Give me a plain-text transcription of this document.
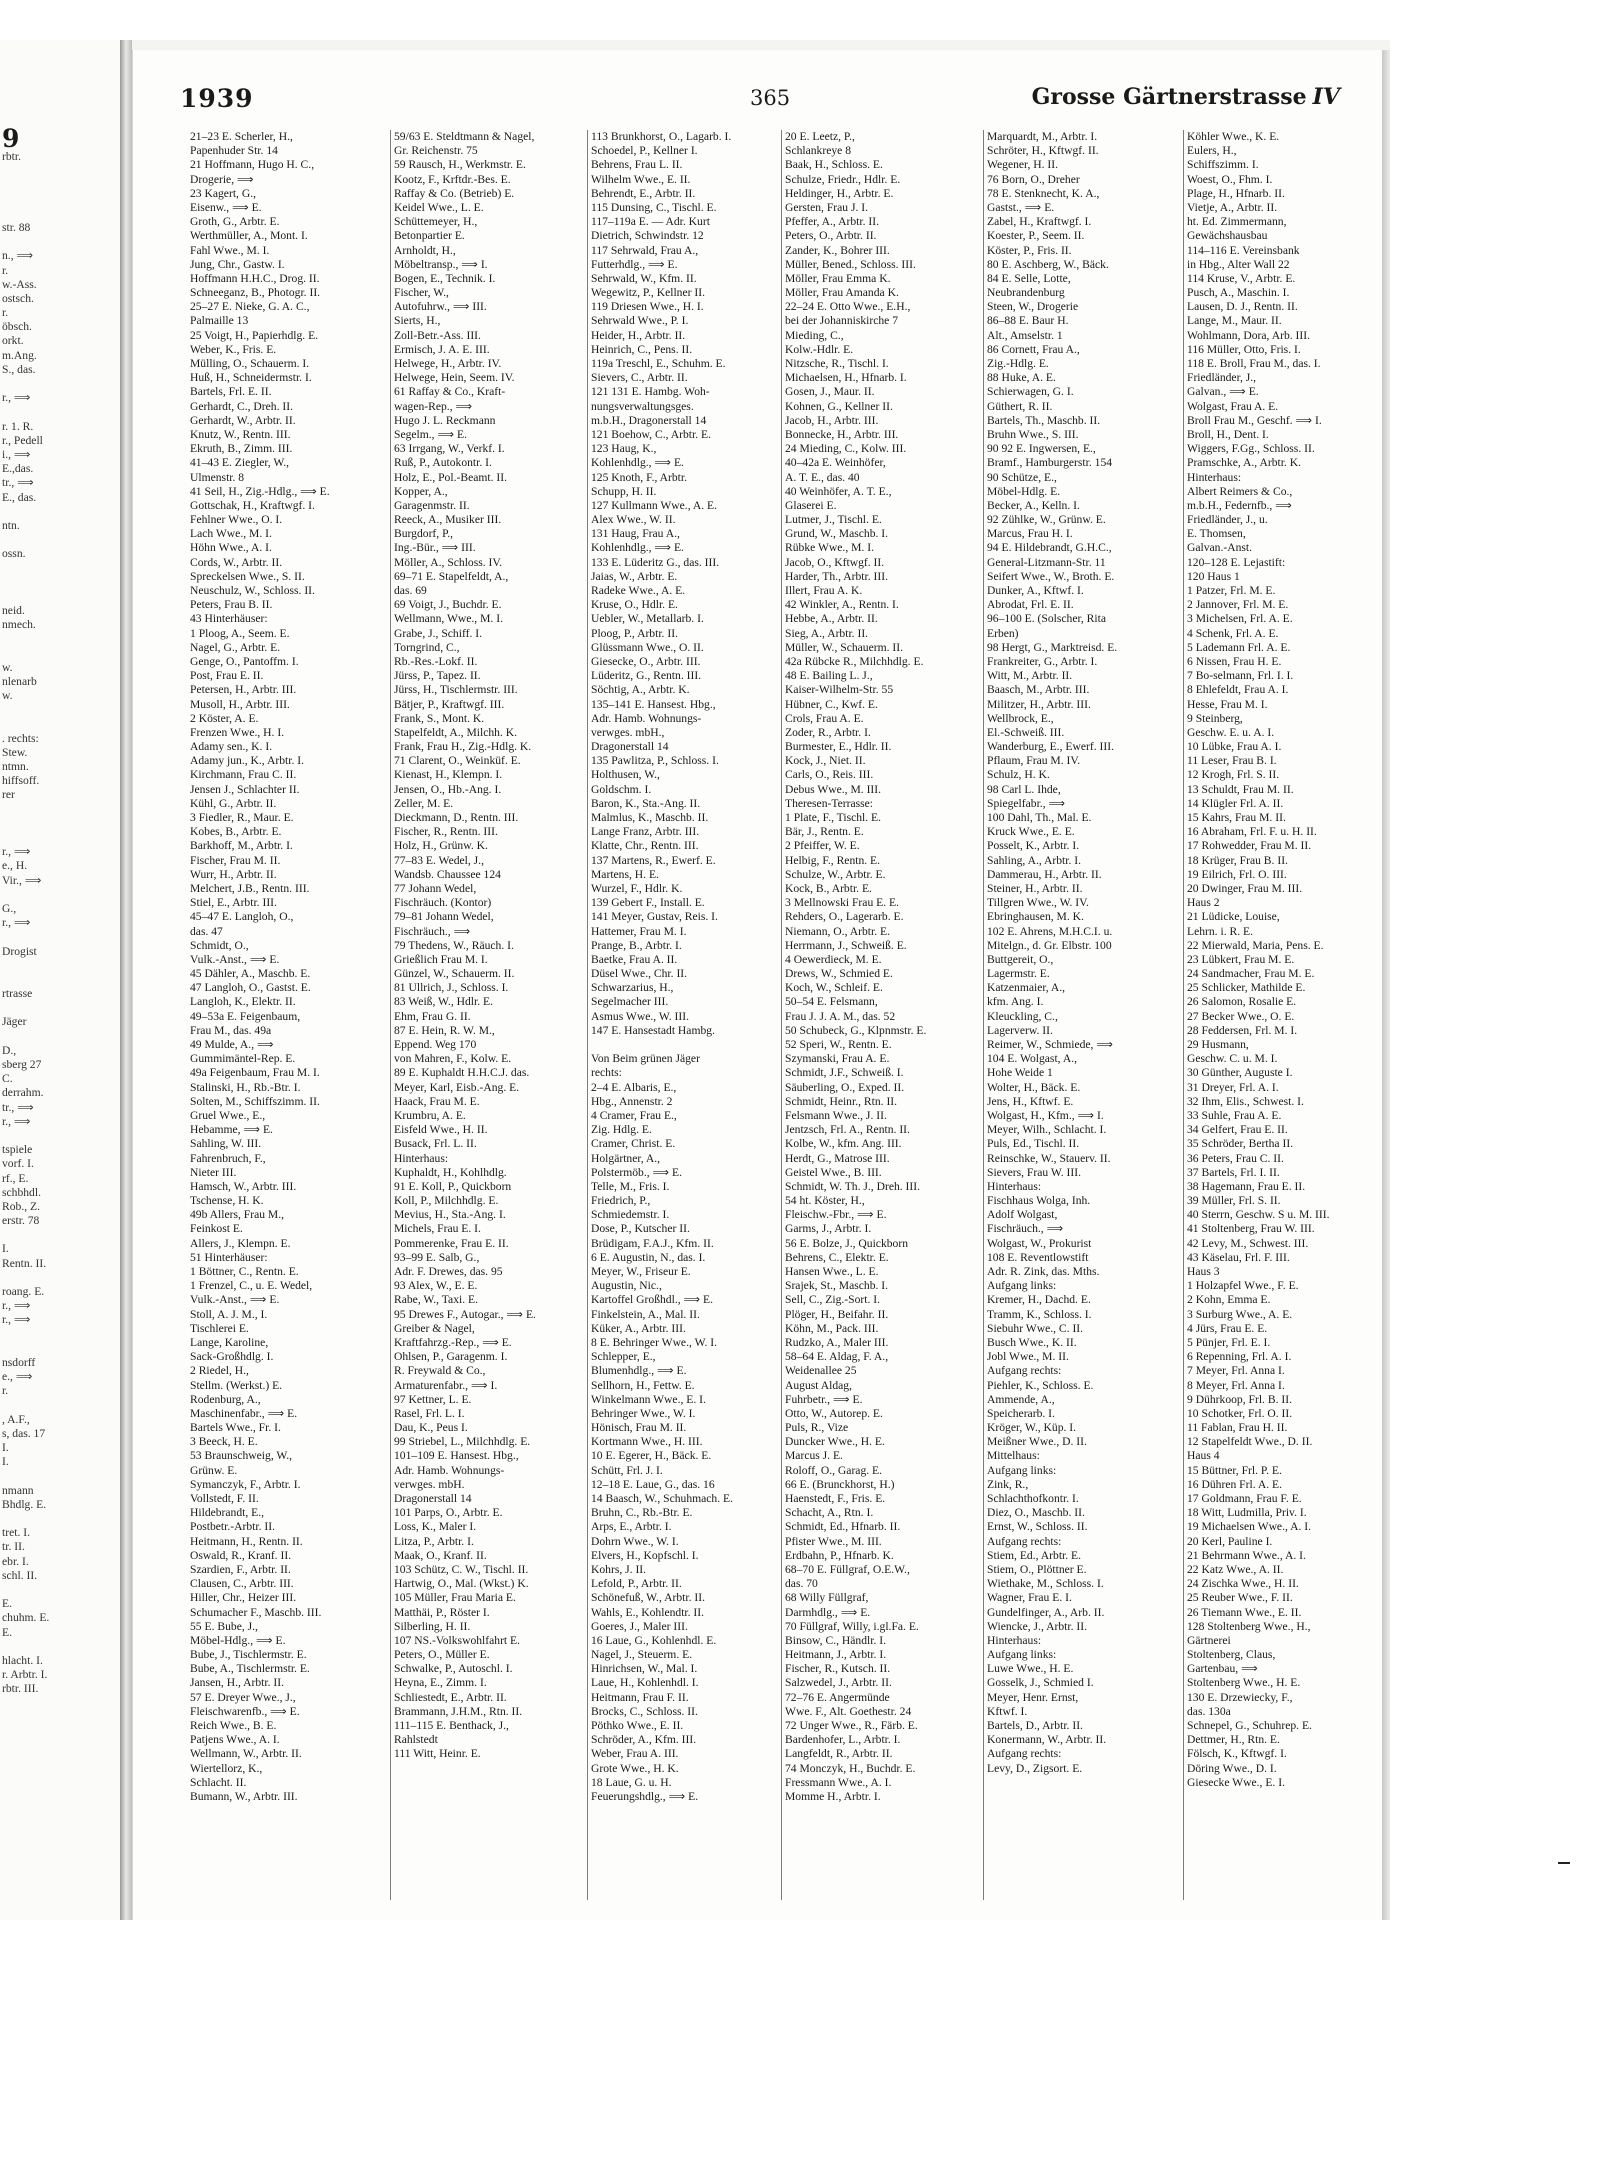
9
rbtr.
str. 88
n., ⟹
r.
w.-Ass.
ostsch.
r.
öbsch.
orkt.
m.Ang.
S., das.
r., ⟹
r. 1. R.
r., Pedell
i., ⟹
E.,das.
tr., ⟹
E., das.
ntn.
ossn.
neid.
nmech.
w.
nlenarb
w.
. rechts:
Stew.
ntmn.
hiffsoff.
rer
r., ⟹
e., H.
Vir., ⟹
G.,
r., ⟹
Drogist
rtrasse
Jäger
D.,
sberg 27
C.
derrahm.
tr., ⟹
r., ⟹
tspiele
vorf. I.
rf., E.
schbhdl.
Rob., Z.
erstr. 78
I.
Rentn. II.
roang. E.
r., ⟹
r., ⟹
nsdorff
e., ⟹
r.
, A.F.,
s, das. 17
I.
I.
nmann
Bhdlg. E.
tret. I.
tr. II.
ebr. I.
schl. II.
E.
chuhm. E.
E.
hlacht. I.
r. Arbtr. I.
rbtr. III.
1939	365	Grosse Gärtnerstrasse IV
21–23 E. Scherler, H.,
Papenhuder Str. 14
21 Hoffmann, Hugo H. C.,
Drogerie, ⟹
23 Kagert, G.,
Eisenw., ⟹ E.
Groth, G., Arbtr. E.
Werthmüller, A., Mont. I.
Fahl Wwe., M. I.
Jung, Chr., Gastw. I.
Hoffmann H.H.C., Drog. II.
Schneeganz, B., Photogr. II.
25–27 E. Nieke, G. A. C.,
Palmaille 13
25 Voigt, H., Papierhdlg. E.
Weber, K., Fris. E.
Mülling, O., Schauerm. I.
Huß, H., Schneidermstr. I.
Bartels, Frl. E. II.
Gerhardt, C., Dreh. II.
Gerhardt, W., Arbtr. II.
Knutz, W., Rentn. III.
Ekruth, B., Zimm. III.
41–43 E. Ziegler, W.,
Ulmenstr. 8
41 Seil, H., Zig.-Hdlg., ⟹ E.
Gottschak, H., Kraftwgf. I.
Fehlner Wwe., O. I.
Lach Wwe., M. I.
Höhn Wwe., A. I.
Cords, W., Arbtr. II.
Spreckelsen Wwe., S. II.
Neuschulz, W., Schloss. II.
Peters, Frau B. II.
43 Hinterhäuser:
1 Ploog, A., Seem. E.
Nagel, G., Arbtr. E.
Genge, O., Pantoffm. I.
Post, Frau E. II.
Petersen, H., Arbtr. III.
Musoll, H., Arbtr. III.
2 Köster, A. E.
Frenzen Wwe., H. I.
Adamy sen., K. I.
Adamy jun., K., Arbtr. I.
Kirchmann, Frau C. II.
Jensen J., Schlachter II.
Kühl, G., Arbtr. II.
3 Fiedler, R., Maur. E.
Kobes, B., Arbtr. E.
Barkhoff, M., Arbtr. I.
Fischer, Frau M. II.
Wurr, H., Arbtr. II.
Melchert, J.B., Rentn. III.
Stiel, E., Arbtr. III.
45–47 E. Langloh, O.,
das. 47
Schmidt, O.,
Vulk.-Anst., ⟹ E.
45 Dähler, A., Maschb. E.
47 Langloh, O., Gastst. E.
Langloh, K., Elektr. II.
49–53a E. Feigenbaum,
Frau M., das. 49a
49 Mulde, A., ⟹
Gummimäntel-Rep. E.
49a Feigenbaum, Frau M. I.
Stalinski, H., Rb.-Btr. I.
Solten, M., Schiffszimm. II.
Gruel Wwe., E.,
Hebamme, ⟹ E.
Sahling, W. III.
Fahrenbruch, F.,
Nieter III.
Hamsch, W., Arbtr. III.
Tschense, H. K.
49b Allers, Frau M.,
Feinkost E.
Allers, J., Klempn. E.
51 Hinterhäuser:
1 Böttner, C., Rentn. E.
1 Frenzel, C., u. E. Wedel,
Vulk.-Anst., ⟹ E.
Stoll, A. J. M., I.
Tischlerei E.
Lange, Karoline,
Sack-Großhdlg. I.
2 Riedel, H.,
Stellm. (Werkst.) E.
Rodenburg, A.,
Maschinenfabr., ⟹ E.
Bartels Wwe., Fr. I.
3 Beeck, H. E.
53 Braunschweig, W.,
Grünw. E.
Symanczyk, F., Arbtr. I.
Vollstedt, F. II.
Hildebrandt, E.,
Postbetr.-Arbtr. II.
Heitmann, H., Rentn. II.
Oswald, R., Kranf. II.
Szardien, F., Arbtr. II.
Clausen, C., Arbtr. III.
Hiller, Chr., Heizer III.
Schumacher F., Maschb. III.
55 E. Bube, J.,
Möbel-Hdlg., ⟹ E.
Bube, J., Tischlermstr. E.
Bube, A., Tischlermstr. E.
Jansen, H., Arbtr. II.
57 E. Dreyer Wwe., J.,
Fleischwarenfb., ⟹ E.
Reich Wwe., B. E.
Patjens Wwe., A. I.
Wellmann, W., Arbtr. II.
Wiertellorz, K.,
Schlacht. II.
Bumann, W., Arbtr. III.
59/63 E. Steldtmann & Nagel,
Gr. Reichenstr. 75
59 Rausch, H., Werkmstr. E.
Kootz, F., Krftdr.-Bes. E.
Raffay & Co. (Betrieb) E.
Keidel Wwe., L. E.
Schüttemeyer, H.,
Betonpartier E.
Arnholdt, H.,
Möbeltransp., ⟹ I.
Bogen, E., Technik. I.
Fischer, W.,
Autofuhrw., ⟹ III.
Sierts, H.,
Zoll-Betr.-Ass. III.
Ermisch, J. A. E. III.
Helwege, H., Arbtr. IV.
Helwege, Hein, Seem. IV.
61 Raffay & Co., Kraft-
wagen-Rep., ⟹
Hugo J. L. Reckmann
Segelm., ⟹ E.
63 Irrgang, W., Verkf. I.
Ruß, P., Autokontr. I.
Holz, E., Pol.-Beamt. II.
Kopper, A.,
Garagenmstr. II.
Reeck, A., Musiker III.
Burgdorf, P.,
Ing.-Bür., ⟹ III.
Möller, A., Schloss. IV.
69–71 E. Stapelfeldt, A.,
das. 69
69 Voigt, J., Buchdr. E.
Wellmann, Wwe., M. I.
Grabe, J., Schiff. I.
Torngrind, C.,
Rb.-Res.-Lokf. II.
Jürss, P., Tapez. II.
Jürss, H., Tischlermstr. III.
Bätjer, P., Kraftwgf. III.
Frank, S., Mont. K.
Stapelfeldt, A., Milchh. K.
Frank, Frau H., Zig.-Hdlg. K.
71 Clarent, O., Weinküf. E.
Kienast, H., Klempn. I.
Jensen, O., Hb.-Ang. I.
Zeller, M. E.
Dieckmann, D., Rentn. III.
Fischer, R., Rentn. III.
Holz, H., Grünw. K.
77–83 E. Wedel, J.,
Wandsb. Chaussee 124
77 Johann Wedel,
Fischräuch. (Kontor)
79–81 Johann Wedel,
Fischräuch., ⟹
79 Thedens, W., Räuch. I.
Grießlich Frau M. I.
Günzel, W., Schauerm. II.
81 Ullrich, J., Schloss. I.
83 Weiß, W., Hdlr. E.
Ehm, Frau G. II.
87 E. Hein, R. W. M.,
Eppend. Weg 170
von Mahren, F., Kolw. E.
89 E. Kuphaldt H.H.C.J. das.
Meyer, Karl, Eisb.-Ang. E.
Haack, Frau M. E.
Krumbru, A. E.
Eisfeld Wwe., H. II.
Busack, Frl. L. II.
Hinterhaus:
Kuphaldt, H., Kohlhdlg.
91 E. Koll, P., Quickborn
Koll, P., Milchhdlg. E.
Mevius, H., Sta.-Ang. I.
Michels, Frau E. I.
Pommerenke, Frau E. II.
93–99 E. Salb, G.,
Adr. F. Drewes, das. 95
93 Alex, W., E. E.
Rabe, W., Taxi. E.
95 Drewes F., Autogar., ⟹ E.
Greiber & Nagel,
Kraftfahrzg.-Rep., ⟹ E.
Ohlsen, P., Garagenm. I.
R. Freywald & Co.,
Armaturenfabr., ⟹ I.
97 Kettner, L. E.
Rasel, Frl. L. I.
Dau, K., Peus I.
99 Striebel, L., Milchhdlg. E.
101–109 E. Hansest. Hbg.,
Adr. Hamb. Wohnungs-
verwges. mbH.
Dragonerstall 14
101 Parps, O., Arbtr. E.
Loss, K., Maler I.
Litza, P., Arbtr. I.
Maak, O., Kranf. II.
103 Schütz, C. W., Tischl. II.
Hartwig, O., Mal. (Wkst.) K.
105 Müller, Frau Maria E.
Matthäi, P., Röster I.
Silberling, H. II.
107 NS.-Volkswohlfahrt E.
Peters, O., Müller E.
Schwalke, P., Autoschl. I.
Heyna, E., Zimm. I.
Schliestedt, E., Arbtr. II.
Brammann, J.H.M., Rtn. II.
111–115 E. Benthack, J.,
Rahlstedt
111 Witt, Heinr. E.
113 Brunkhorst, O., Lagarb. I.
Schoedel, P., Kellner I.
Behrens, Frau L. II.
Wilhelm Wwe., E. II.
Behrendt, E., Arbtr. II.
115 Dunsing, C., Tischl. E.
117–119a E. — Adr. Kurt
Dietrich, Schwindstr. 12
117 Sehrwald, Frau A.,
Futterhdlg., ⟹ E.
Sehrwald, W., Kfm. II.
Wegewitz, P., Kellner II.
119 Driesen Wwe., H. I.
Sehrwald Wwe., P. I.
Heider, H., Arbtr. II.
Heinrich, C., Pens. II.
119a Treschl, E., Schuhm. E.
Sievers, C., Arbtr. II.
121 131 E. Hambg. Woh-
nungsverwaltungsges.
m.b.H., Dragonerstall 14
121 Boehow, C., Arbtr. E.
123 Haug, K.,
Kohlenhdlg., ⟹ E.
125 Knoth, F., Arbtr.
Schupp, H. II.
127 Kullmann Wwe., A. E.
Alex Wwe., W. II.
131 Haug, Frau A.,
Kohlenhdlg., ⟹ E.
133 E. Lüderitz G., das. III.
Jaias, W., Arbtr. E.
Radeke Wwe., A. E.
Kruse, O., Hdlr. E.
Uebler, W., Metallarb. I.
Ploog, P., Arbtr. II.
Glüssmann Wwe., O. II.
Giesecke, O., Arbtr. III.
Lüderitz, G., Rentn. III.
Söchtig, A., Arbtr. K.
135–141 E. Hansest. Hbg.,
Adr. Hamb. Wohnungs-
verwges. mbH.,
Dragonerstall 14
135 Pawlitza, P., Schloss. I.
Holthusen, W.,
Goldschm. I.
Baron, K., Sta.-Ang. II.
Malmlus, K., Maschb. II.
Lange Franz, Arbtr. III.
Klatte, Chr., Rentn. III.
137 Martens, R., Ewerf. E.
Martens, H. E.
Wurzel, F., Hdlr. K.
139 Gebert F., Install. E.
141 Meyer, Gustav, Reis. I.
Hattemer, Frau M. I.
Prange, B., Arbtr. I.
Baetke, Frau A. II.
Düsel Wwe., Chr. II.
Schwarzarius, H.,
Segelmacher III.
Asmus Wwe., W. III.
147 E. Hansestadt Hambg.
Von Beim grünen Jäger
rechts:
2–4 E. Albaris, E.,
Hbg., Annenstr. 2
4 Cramer, Frau E.,
Zig. Hdlg. E.
Cramer, Christ. E.
Holgärtner, A.,
Polstermöb., ⟹ E.
Telle, M., Fris. I.
Friedrich, P.,
Schmiedemstr. I.
Dose, P., Kutscher II.
Brüdigam, F.A.J., Kfm. II.
6 E. Augustin, N., das. I.
Meyer, W., Friseur E.
Augustin, Nic.,
Kartoffel Großhdl., ⟹ E.
Finkelstein, A., Mal. II.
Küker, A., Arbtr. III.
8 E. Behringer Wwe., W. I.
Schlepper, E.,
Blumenhdlg., ⟹ E.
Sellhorn, H., Fettw. E.
Winkelmann Wwe., E. I.
Behringer Wwe., W. I.
Hönisch, Frau M. II.
Kortmann Wwe., H. III.
10 E. Egerer, H., Bäck. E.
Schütt, Frl. J. I.
12–18 E. Laue, G., das. 16
14 Baasch, W., Schuhmach. E.
Bruhn, C., Rb.-Btr. E.
Arps, E., Arbtr. I.
Dohrn Wwe., W. I.
Elvers, H., Kopfschl. I.
Kohrs, J. II.
Lefold, P., Arbtr. II.
Schönefuß, W., Arbtr. II.
Wahls, E., Kohlendtr. II.
Goeres, J., Maler III.
16 Laue, G., Kohlenhdl. E.
Nagel, J., Steuerm. E.
Hinrichsen, W., Mal. I.
Laue, H., Kohlenhdl. I.
Heitmann, Frau F. II.
Brocks, C., Schloss. II.
Pöthko Wwe., E. II.
Schröder, A., Kfm. III.
Weber, Frau A. III.
Grote Wwe., H. K.
18 Laue, G. u. H.
Feuerungshdlg., ⟹ E.
20 E. Leetz, P.,
Schlankreye 8
Baak, H., Schloss. E.
Schulze, Friedr., Hdlr. E.
Heldinger, H., Arbtr. E.
Gersten, Frau J. I.
Pfeffer, A., Arbtr. II.
Peters, O., Arbtr. II.
Zander, K., Bohrer III.
Müller, Bened., Schloss. III.
Möller, Frau Emma K.
Möller, Frau Amanda K.
22–24 E. Otto Wwe., E.H.,
bei der Johanniskirche 7
Mieding, C.,
Kolw.-Hdlr. E.
Nitzsche, R., Tischl. I.
Michaelsen, H., Hfnarb. I.
Gosen, J., Maur. II.
Kohnen, G., Kellner II.
Jacob, H., Arbtr. III.
Bonnecke, H., Arbtr. III.
24 Mieding, C., Kolw. III.
40–42a E. Weinhöfer,
A. T. E., das. 40
40 Weinhöfer, A. T. E.,
Glaserei E.
Lutmer, J., Tischl. E.
Grund, W., Maschb. I.
Rübke Wwe., M. I.
Jacob, O., Kftwgf. II.
Harder, Th., Arbtr. III.
Illert, Frau A. K.
42 Winkler, A., Rentn. I.
Hebbe, A., Arbtr. II.
Sieg, A., Arbtr. II.
Müller, W., Schauerm. II.
42a Rübcke R., Milchhdlg. E.
48 E. Bailing L. J.,
Kaiser-Wilhelm-Str. 55
Hübner, C., Kwf. E.
Crols, Frau A. E.
Zoder, R., Arbtr. I.
Burmester, E., Hdlr. II.
Kock, J., Niet. II.
Carls, O., Reis. III.
Debus Wwe., M. III.
Theresen-Terrasse:
1 Plate, F., Tischl. E.
Bär, J., Rentn. E.
2 Pfeiffer, W. E.
Helbig, F., Rentn. E.
Schulze, W., Arbtr. E.
Kock, B., Arbtr. E.
3 Mellnowski Frau E. E.
Rehders, O., Lagerarb. E.
Niemann, O., Arbtr. E.
Herrmann, J., Schweiß. E.
4 Oewerdieck, M. E.
Drews, W., Schmied E.
Koch, W., Schleif. E.
50–54 E. Felsmann,
Frau J. J. A. M., das. 52
50 Schubeck, G., Klpnmstr. E.
52 Speri, W., Rentn. E.
Szymanski, Frau A. E.
Schmidt, J.F., Schweiß. I.
Säuberling, O., Exped. II.
Schmidt, Heinr., Rtn. II.
Felsmann Wwe., J. II.
Jentzsch, Frl. A., Rentn. II.
Kolbe, W., kfm. Ang. III.
Herdt, G., Matrose III.
Geistel Wwe., B. III.
Schmidt, W. Th. J., Dreh. III.
54 ht. Köster, H.,
Fleischw.-Fbr., ⟹ E.
Garms, J., Arbtr. I.
56 E. Bolze, J., Quickborn
Behrens, C., Elektr. E.
Hansen Wwe., L. E.
Srajek, St., Maschb. I.
Sell, C., Zig.-Sort. I.
Plöger, H., Beifahr. II.
Köhn, M., Pack. III.
Rudzko, A., Maler III.
58–64 E. Aldag, F. A.,
Weidenallee 25
August Aldag,
Fuhrbetr., ⟹ E.
Otto, W., Autorep. E.
Puls, R., Vize
Duncker Wwe., H. E.
Marcus J. E.
Roloff, O., Garag. E.
66 E. (Brunckhorst, H.)
Haenstedt, F., Fris. E.
Schacht, A., Rtn. I.
Schmidt, Ed., Hfnarb. II.
Pfister Wwe., M. III.
Erdbahn, P., Hfnarb. K.
68–70 E. Füllgraf, O.E.W.,
das. 70
68 Willy Füllgraf,
Darmhdlg., ⟹ E.
70 Füllgraf, Willy, i.gl.Fa. E.
Binsow, C., Händlr. I.
Heitmann, J., Arbtr. I.
Fischer, R., Kutsch. II.
Salzwedel, J., Arbtr. II.
72–76 E. Angermünde
Wwe. F., Alt. Goethestr. 24
72 Unger Wwe., R., Färb. E.
Bardenhofer, L., Arbtr. I.
Langfeldt, R., Arbtr. II.
74 Monczyk, H., Buchdr. E.
Fressmann Wwe., A. I.
Momme H., Arbtr. I.
Marquardt, M., Arbtr. I.
Schröter, H., Kftwgf. II.
Wegener, H. II.
76 Born, O., Dreher
78 E. Stenknecht, K. A.,
Gastst., ⟹ E.
Zabel, H., Kraftwgf. I.
Koester, P., Seem. II.
Köster, P., Fris. II.
80 E. Aschberg, W., Bäck.
84 E. Selle, Lotte,
Neubrandenburg
Steen, W., Drogerie
86–88 E. Baur H.
Alt., Amselstr. 1
86 Cornett, Frau A.,
Zig.-Hdlg. E.
88 Huke, A. E.
Schierwagen, G. I.
Güthert, R. II.
Bartels, Th., Maschb. II.
Bruhn Wwe., S. III.
90 92 E. Ingwersen, E.,
Bramf., Hamburgerstr. 154
90 Schütze, E.,
Möbel-Hdlg. E.
Becker, A., Kelln. I.
92 Zühlke, W., Grünw. E.
Marcus, Frau H. I.
94 E. Hildebrandt, G.H.C.,
General-Litzmann-Str. 11
Seifert Wwe., W., Broth. E.
Dunker, A., Kftwf. I.
Abrodat, Frl. E. II.
96–100 E. (Solscher, Rita
Erben)
98 Hergt, G., Marktreisd. E.
Frankreiter, G., Arbtr. I.
Witt, M., Arbtr. II.
Baasch, M., Arbtr. III.
Militzer, H., Arbtr. III.
Wellbrock, E.,
El.-Schweiß. III.
Wanderburg, E., Ewerf. III.
Pflaum, Frau M. IV.
Schulz, H. K.
98 Carl L. Ihde,
Spiegelfabr., ⟹
100 Dahl, Th., Mal. E.
Kruck Wwe., E. E.
Posselt, K., Arbtr. I.
Sahling, A., Arbtr. I.
Dammerau, H., Arbtr. II.
Steiner, H., Arbtr. II.
Tillgren Wwe., W. IV.
Ebringhausen, M. K.
102 E. Ahrens, M.H.C.I. u.
Mitelgn., d. Gr. Elbstr. 100
Buttgereit, O.,
Lagermstr. E.
Katzenmaier, A.,
kfm. Ang. I.
Kleuckling, C.,
Lagerverw. II.
Reimer, W., Schmiede, ⟹
104 E. Wolgast, A.,
Hohe Weide 1
Wolter, H., Bäck. E.
Jens, H., Kftwf. E.
Wolgast, H., Kfm., ⟹ I.
Meyer, Wilh., Schlacht. I.
Puls, Ed., Tischl. II.
Reinschke, W., Stauerv. II.
Sievers, Frau W. III.
Hinterhaus:
Fischhaus Wolga, Inh.
Adolf Wolgast,
Fischräuch., ⟹
Wolgast, W., Prokurist
108 E. Reventlowstift
Adr. R. Zink, das. Mths.
Aufgang links:
Kremer, H., Dachd. E.
Tramm, K., Schloss. I.
Siebuhr Wwe., C. II.
Busch Wwe., K. II.
Jobl Wwe., M. II.
Aufgang rechts:
Piehler, K., Schloss. E.
Ammende, A.,
Speicherarb. I.
Kröger, W., Küp. I.
Meißner Wwe., D. II.
Mittelhaus:
Aufgang links:
Zink, R.,
Schlachthofkontr. I.
Diez, O., Maschb. II.
Ernst, W., Schloss. II.
Aufgang rechts:
Stiem, Ed., Arbtr. E.
Stiem, O., Plöttner E.
Wiethake, M., Schloss. I.
Wagner, Frau E. I.
Gundelfinger, A., Arb. II.
Wiencke, J., Arbtr. II.
Hinterhaus:
Aufgang links:
Luwe Wwe., H. E.
Gosselk, J., Schmied I.
Meyer, Henr. Ernst,
Kftwf. I.
Bartels, D., Arbtr. II.
Konermann, W., Arbtr. II.
Aufgang rechts:
Levy, D., Zigsort. E.
Köhler Wwe., K. E.
Eulers, H.,
Schiffszimm. I.
Woest, O., Fhm. I.
Plage, H., Hfnarb. II.
Vietje, A., Arbtr. II.
ht. Ed. Zimmermann,
Gewächshausbau
114–116 E. Vereinsbank
in Hbg., Alter Wall 22
114 Kruse, V., Arbtr. E.
Pusch, A., Maschin. I.
Lausen, D. J., Rentn. II.
Lange, M., Maur. II.
Wohlmann, Dora, Arb. III.
116 Müller, Otto, Fris. I.
118 E. Broll, Frau M., das. I.
Friedländer, J.,
Galvan., ⟹ E.
Wolgast, Frau A. E.
Broll Frau M., Geschf. ⟹ I.
Broll, H., Dent. I.
Wiggers, F.Gg., Schloss. II.
Pramschke, A., Arbtr. K.
Hinterhaus:
Albert Reimers & Co.,
m.b.H., Federnfb., ⟹
Friedländer, J., u.
E. Thomsen,
Galvan.-Anst.
120–128 E. Lejastift:
120 Haus 1
1 Patzer, Frl. M. E.
2 Jannover, Frl. M. E.
3 Michelsen, Frl. A. E.
4 Schenk, Frl. A. E.
5 Lademann Frl. A. E.
6 Nissen, Frau H. E.
7 Bo-selmann, Frl. I. I.
8 Ehlefeldt, Frau A. I.
Hesse, Frau M. I.
9 Steinberg,
Geschw. E. u. A. I.
10 Lübke, Frau A. I.
11 Leser, Frau B. I.
12 Krogh, Frl. S. II.
13 Schuldt, Frau M. II.
14 Klügler Frl. A. II.
15 Kahrs, Frau M. II.
16 Abraham, Frl. F. u. H. II.
17 Rohwedder, Frau M. II.
18 Krüger, Frau B. II.
19 Eilrich, Frl. O. III.
20 Dwinger, Frau M. III.
Haus 2
21 Lüdicke, Louise,
Lehrn. i. R. E.
22 Mierwald, Maria, Pens. E.
23 Lübkert, Frau M. E.
24 Sandmacher, Frau M. E.
25 Schlicker, Mathilde E.
26 Salomon, Rosalie E.
27 Becker Wwe., O. E.
28 Feddersen, Frl. M. I.
29 Husmann,
Geschw. C. u. M. I.
30 Günther, Auguste I.
31 Dreyer, Frl. A. I.
32 Ihm, Elis., Schwest. I.
33 Suhle, Frau A. E.
34 Gelfert, Frau E. II.
35 Schröder, Bertha II.
36 Peters, Frau C. II.
37 Bartels, Frl. I. II.
38 Hagemann, Frau E. II.
39 Müller, Frl. S. II.
40 Sterrn, Geschw. S u. M. III.
41 Stoltenberg, Frau W. III.
42 Levy, M., Schwest. III.
43 Käselau, Frl. F. III.
Haus 3
1 Holzapfel Wwe., F. E.
2 Kohn, Emma E.
3 Surburg Wwe., A. E.
4 Jürs, Frau E. E.
5 Pünjer, Frl. E. I.
6 Repenning, Frl. A. I.
7 Meyer, Frl. Anna I.
8 Meyer, Frl. Anna I.
9 Dührkoop, Frl. B. II.
10 Schotker, Frl. O. II.
11 Fablan, Frau H. II.
12 Stapelfeldt Wwe., D. II.
Haus 4
15 Büttner, Frl. P. E.
16 Dühren Frl. A. E.
17 Goldmann, Frau F. E.
18 Witt, Ludmilla, Priv. I.
19 Michaelsen Wwe., A. I.
20 Kerl, Pauline I.
21 Behrmann Wwe., A. I.
22 Katz Wwe., A. II.
24 Zischka Wwe., H. II.
25 Reuber Wwe., F. II.
26 Tiemann Wwe., E. II.
128 Stoltenberg Wwe., H.,
Gärtnerei
Stoltenberg, Claus,
Gartenbau, ⟹
Stoltenberg Wwe., H. E.
130 E. Drzewiecky, F.,
das. 130a
Schnepel, G., Schuhrep. E.
Dettmer, H., Rtn. E.
Fölsch, K., Kftwgf. I.
Döring Wwe., D. I.
Giesecke Wwe., E. I.
